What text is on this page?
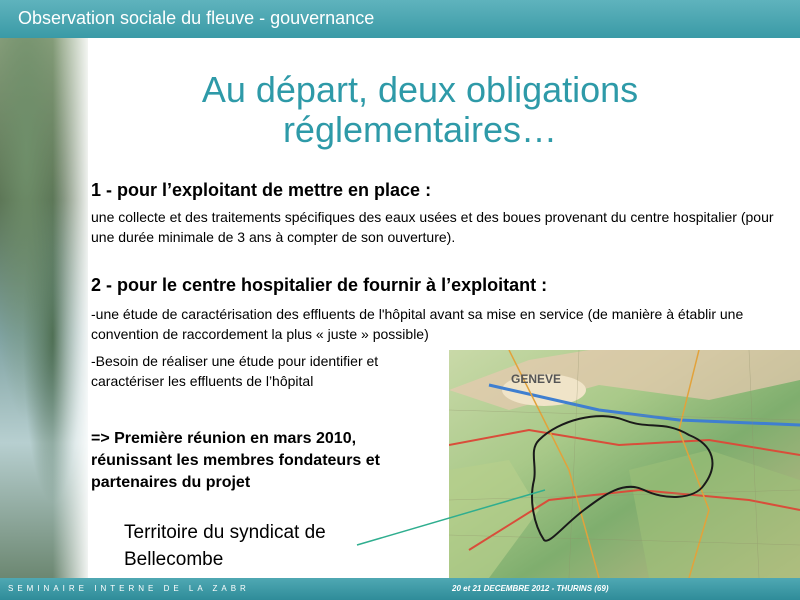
Observation sociale du fleuve - gouvernance
Au départ, deux obligations
réglementaires…
1 - pour l’exploitant de mettre en place :
une collecte et des traitements spécifiques des eaux usées et des boues provenant du centre hospitalier (pour une durée minimale de 3 ans à compter de son ouverture).
2 - pour le centre hospitalier de fournir à l’exploitant :
-une étude de caractérisation des effluents de l'hôpital avant sa mise en service (de manière à établir une convention de raccordement la plus « juste » possible)
-Besoin de réaliser une étude pour identifier et caractériser les effluents de l’hôpital
=> Première réunion en mars 2010, réunissant les membres fondateurs et partenaires du projet
GENEVE
Territoire du syndicat de Bellecombe
SEMINAIRE INTERNE DE LA ZABR	20 et 21 DECEMBRE 2012 - THURINS (69)
